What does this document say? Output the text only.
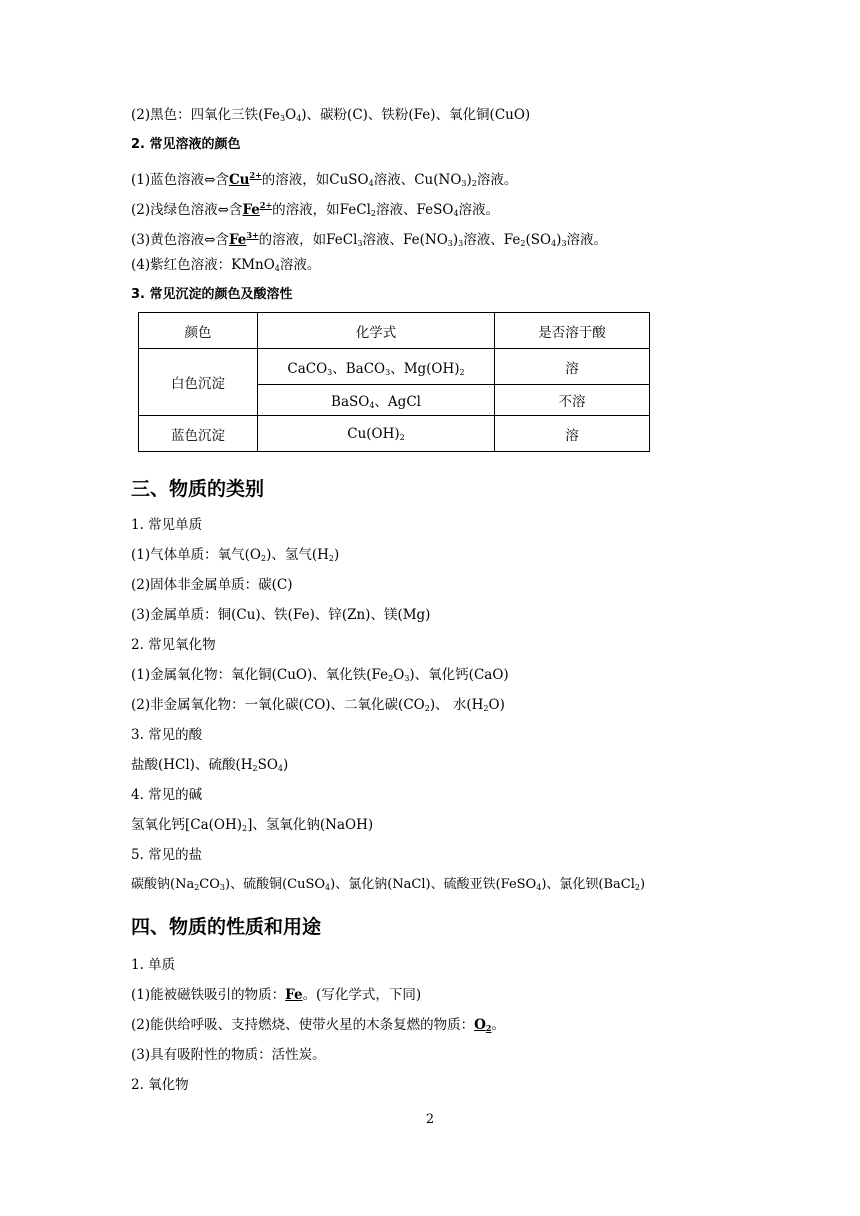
(2)黑色：四氧化三铁$(Fe_3O_4)$、碳粉(C)、铁粉(Fe)、氧化铜(CuO)
2. 常见溶液的颜色
(1)蓝色溶液⇔含$Cu^{2+}$的溶液，如CuSO$_4$溶液、$Cu(NO_3)_2$溶液。
(2)浅绿色溶液⇔含$Fe^{2+}$的溶液，如FeCl$_2$溶液、FeSO$_4$溶液。
(3)黄色溶液⇔含$Fe^{3+}$的溶液，如FeCl$_3$溶液、$Fe(NO_3)_3$溶液、$Fe_2(SO_4)_3$溶液。
(4)紫红色溶液：KMnO$_4$溶液。
3. 常见沉淀的颜色及酸溶性
颜色	化学式	是否溶于酸
白色沉淀	CaCO$_3$、BaCO$_3$、$Mg(OH)_2$	溶
	BaSO$_4$、AgCl	不溶
蓝色沉淀	$Cu(OH)_2$	溶
三、物质的类别
1. 常见单质
(1)气体单质：氧气$(O_2)$、氢气$(H_2)$
(2)固体非金属单质：碳(C)
(3)金属单质：铜(Cu)、铁(Fe)、锌(Zn)、镁(Mg)
2. 常见氧化物
(1)金属氧化物：氧化铜(CuO)、氧化铁$(Fe_2O_3)$、氧化钙(CaO)
(2)非金属氧化物：一氧化碳(CO)、二氧化碳$(CO_2)$、 水$(H_2O)$
3. 常见的酸
盐酸(HCl)、硫酸$(H_2SO_4)$
4. 常见的碱
氢氧化钙$[Ca(OH)_2]$、氢氧化钠(NaOH)
5. 常见的盐
碳酸钠$(Na_2CO_3)$、硫酸铜(CuSO$_4$)、氯化钠(NaCl)、硫酸亚铁(FeSO$_4$)、氯化钡(BaCl$_2$)
四、物质的性质和用途
1. 单质
(1)能被磁铁吸引的物质：Fe。(写化学式，下同)
(2)能供给呼吸、支持燃烧、使带火星的木条复燃的物质：$O_2$。
(3)具有吸附性的物质：活性炭。
2. 氧化物
2
